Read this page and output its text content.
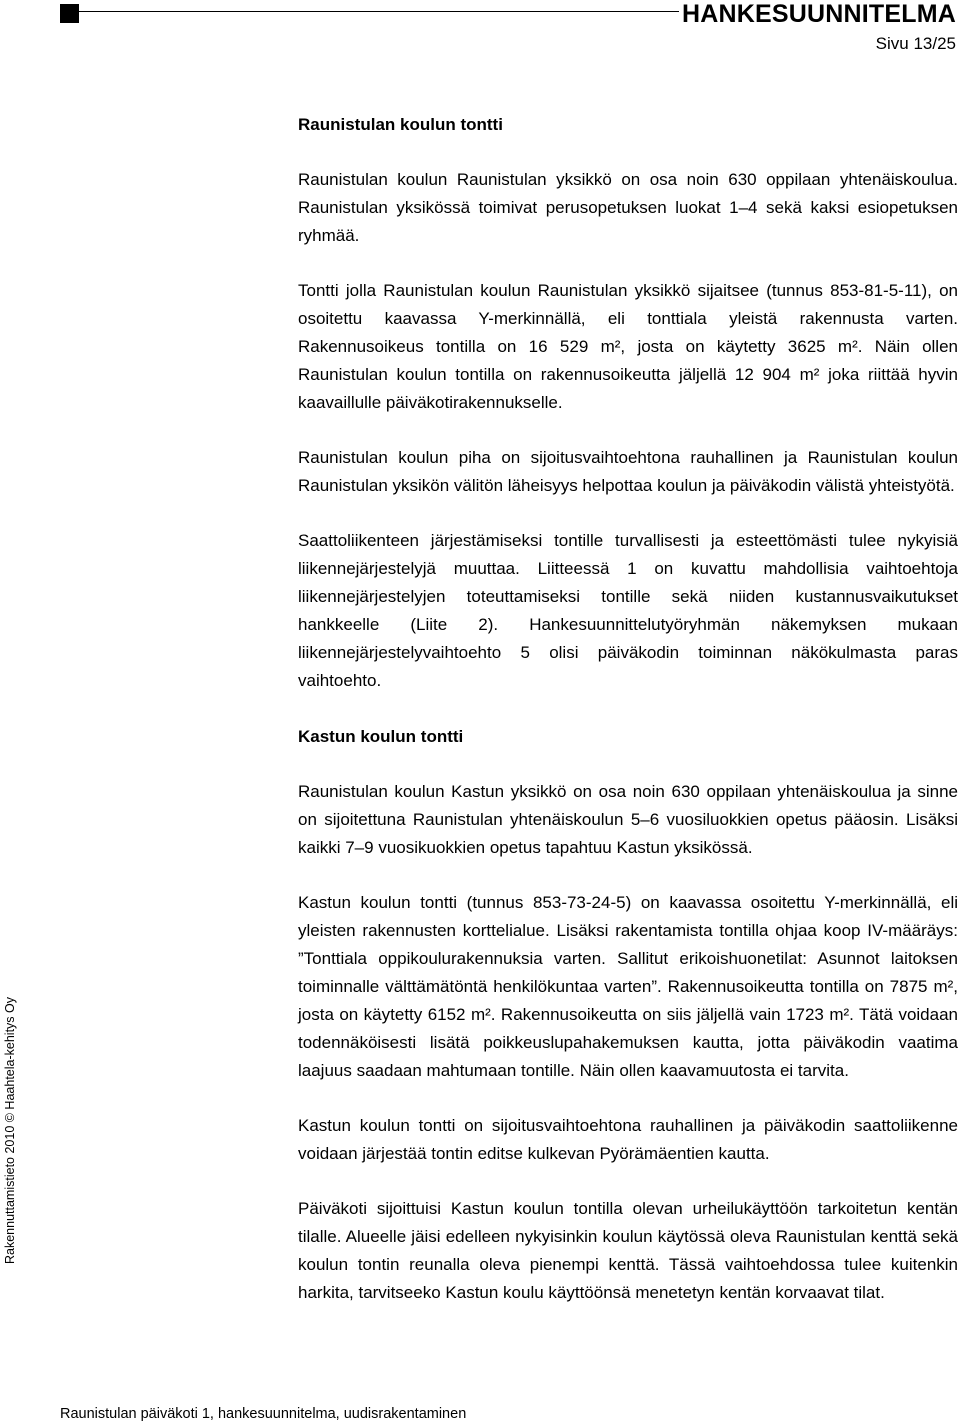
HANKESUUNNITELMA
Sivu 13/25
Raunistulan koulun tontti

Raunistulan koulun Raunistulan yksikkö on osa noin 630 oppilaan yhtenäiskoulua. Raunistulan yksikössä toimivat perusopetuksen luokat 1–4 sekä kaksi esiopetuksen ryhmää.

Tontti jolla Raunistulan koulun Raunistulan yksikkö sijaitsee (tunnus 853-81-5-11), on osoitettu kaavassa Y-merkinnällä, eli tonttiala yleistä rakennusta varten. Rakennusoikeus tontilla on 16 529 m², josta on käytetty 3625 m². Näin ollen Raunistulan koulun tontilla on rakennusoikeutta jäljellä 12 904 m² joka riittää hyvin kaavaillulle päiväkotirakennukselle.

Raunistulan koulun piha on sijoitusvaihtoehtona rauhallinen ja Raunistulan koulun Raunistulan yksikön välitön läheisyys helpottaa koulun ja päiväkodin välistä yhteistyötä.

Saattoliikenteen järjestämiseksi tontille turvallisesti ja esteettömästi tulee nykyisiä liikennejärjestelyjä muuttaa. Liitteessä 1 on kuvattu mahdollisia vaihtoehtoja liikennejärjestelyjen toteuttamiseksi tontille sekä niiden kustannusvaikutukset hankkeelle (Liite 2). Hankesuunnittelutyöryhmän näkemyksen mukaan liikennejärjestelyvaihtoehto 5 olisi päiväkodin toiminnan näkökulmasta paras vaihtoehto.

Kastun koulun tontti

Raunistulan koulun Kastun yksikkö on osa noin 630 oppilaan yhtenäiskoulua ja sinne on sijoitettuna Raunistulan yhtenäiskoulun 5–6 vuosiluokkien opetus pääosin. Lisäksi kaikki 7–9 vuosikuokkien opetus tapahtuu Kastun yksikössä.

Kastun koulun tontti (tunnus 853-73-24-5) on kaavassa osoitettu Y-merkinnällä, eli yleisten rakennusten korttelialue. Lisäksi rakentamista tontilla ohjaa koop IV-määräys: ”Tonttiala oppikoulurakennuksia varten. Sallitut erikoishuonetilat: Asunnot laitoksen toiminnalle välttämätöntä henkilökuntaa varten”. Rakennusoikeutta tontilla on 7875 m², josta on käytetty 6152 m². Rakennusoikeutta on siis jäljellä vain 1723 m². Tätä voidaan todennäköisesti lisätä poikkeuslupahakemuksen kautta, jotta päiväkodin vaatima laajuus saadaan mahtumaan tontille. Näin ollen kaavamuutosta ei tarvita.

Kastun koulun tontti on sijoitusvaihtoehtona rauhallinen ja päiväkodin saattoliikenne voidaan järjestää tontin editse kulkevan Pyörämäentien kautta.

Päiväkoti sijoittuisi Kastun koulun tontilla olevan urheilukäyttöön tarkoitetun kentän tilalle. Alueelle jäisi edelleen nykyisinkin koulun käytössä oleva Raunistulan kenttä sekä koulun tontin reunalla oleva pienempi kenttä. Tässä vaihtoehdossa tulee kuitenkin harkita, tarvitseeko Kastun koulu käyttöönsä menetetyn kentän korvaavat tilat.

Rakennuttamistieto 2010 © Haahtela-kehitys Oy
Raunistulan päiväkoti 1, hankesuunnitelma, uudisrakentaminen
